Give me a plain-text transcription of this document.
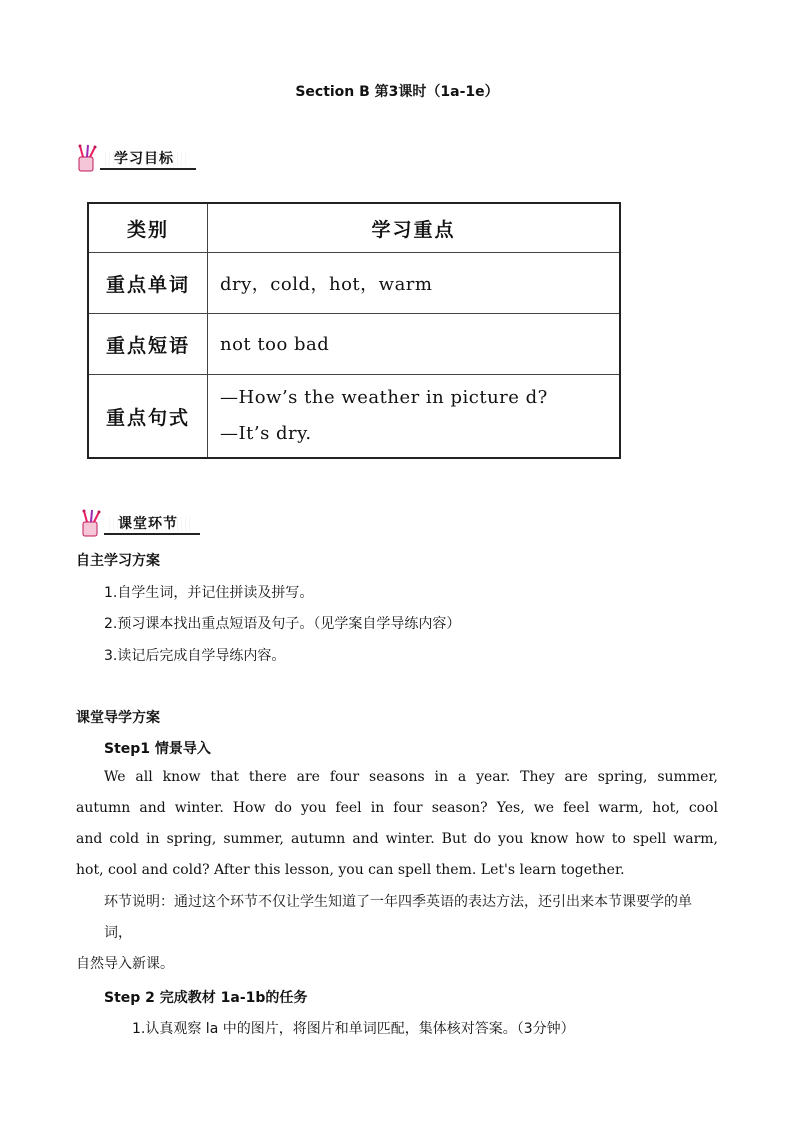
Section B 第3课时（1a-1e）
学习目标
类别	学习重点
重点单词	dry，cold，hot，warm
重点短语	not too bad
重点句式	—How’s the weather in picture d?
—It’s dry.
课堂环节
自主学习方案
1.自学生词，并记住拼读及拼写。
2.预习课本找出重点短语及句子。（见学案自学导练内容）
3.读记后完成自学导练内容。
课堂导学方案
Step1 情景导入
We all know that there are four seasons in a year. They are spring, summer,
autumn and winter. How do you feel in four season? Yes, we feel warm, hot, cool
and cold in spring, summer, autumn and winter. But do you know how to spell warm,
hot, cool and cold? After this lesson, you can spell them. Let's learn together.
环节说明：通过这个环节不仅让学生知道了一年四季英语的表达方法，还引出来本节课要学的单词，
自然导入新课。
Step 2 完成教材 1a-1b的任务
1.认真观察 la 中的图片，将图片和单词匹配，集体核对答案。（3分钟）
